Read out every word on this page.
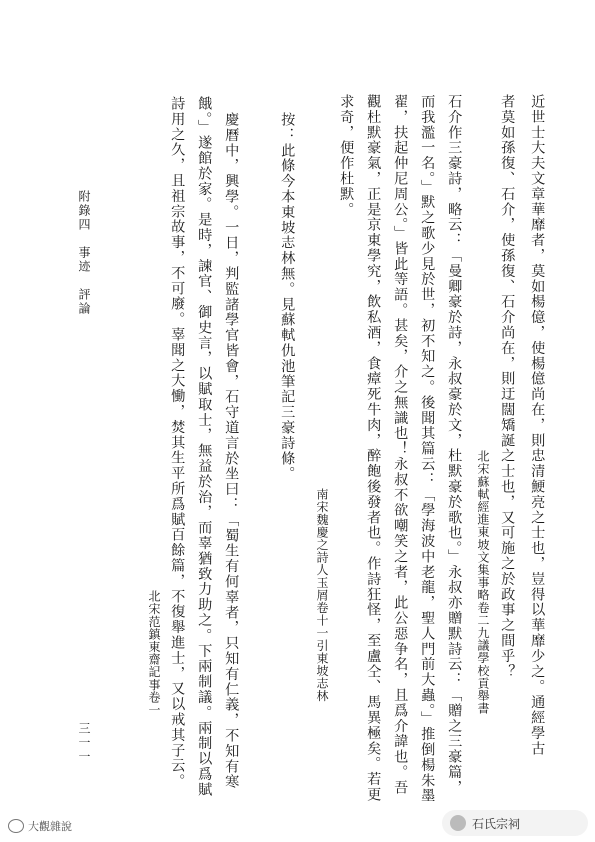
近世士大夫文章華靡者，莫如楊億，使楊億尚在，則忠清鯁亮之士也，豈得以華靡少之。通經學古
者莫如孫復、石介，使孫復、石介尚在，則迂闊矯誕之士也，又可施之於政事之間乎？
北宋蘇軾經進東坡文集事略卷二九議學校貢舉書
石介作三豪詩，略云：「曼卿豪於詩，永叔豪於文，杜默豪於歌也。」永叔亦贈默詩云：「贈之三豪篇，
而我濫一名。」默之歌少見於世，初不知之。後聞其篇云：「學海波中老龍，聖人門前大蟲。」推倒楊朱墨
翟，扶起仲尼周公。」皆此等語。甚矣，介之無識也！永叔不欲嘲笑之者，此公惡争名，且爲介諱也。吾
觀杜默豪氣，正是京東學究，飲私酒，食瘴死牛肉，醉飽後發者也。作詩狂怪，至盧仝、馬異極矣。若更
求奇，便作杜默。
南宋魏慶之詩人玉屑卷十一引東坡志林
按：此條今本東坡志林無。見蘇軾仇池筆記三豪詩條。
慶曆中，興學。一日，判監諸學官皆會，石守道言於坐曰：「蜀生有何辜者，只知有仁義，不知有寒
餓。」遂館於家。是時，諫官、御史言，以賦取士，無益於治，而辜猶致力助之。下兩制議。兩制以爲賦
詩用之久，且祖宗故事，不可廢。辜聞之大慟，焚其生平所爲賦百餘篇，不復舉進士，又以戒其子云。
北宋范鎮東齋記事卷一
附錄四　事迹　評論
三一一
大觀雜說	石氏宗祠
